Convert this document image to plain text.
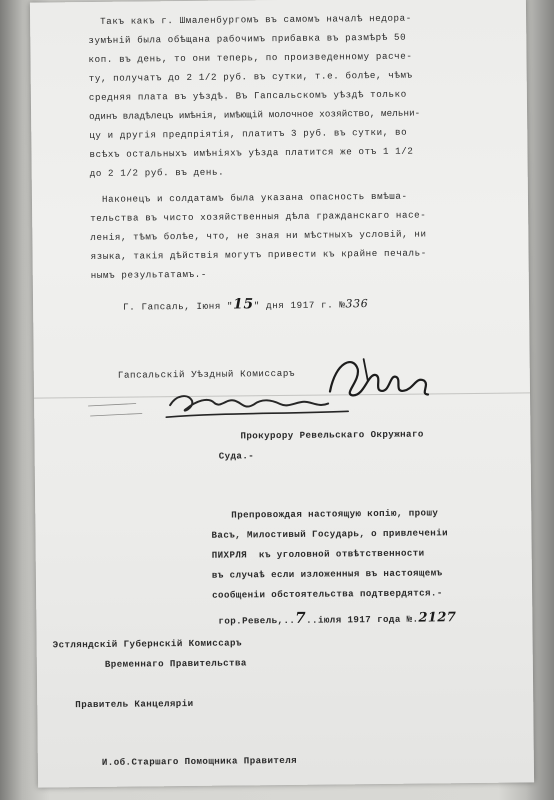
Такъ какъ г. Шмаленбургомъ въ самомъ началѣ недора-
зумѣнiй была обѣщана рабочимъ прибавка въ размѣрѣ 50
коп. въ день, то они теперь, по произведенному расче-
ту, получатъ до 2 1/2 руб. въ сутки, т.е. болѣе, чѣмъ
средняя плата въ уѣздѣ. Въ Гапсальскомъ уѣздѣ только
одинъ владѣлецъ имѣнiя, имѣющiй молочное хозяйство, мельни-
цу и другiя предпрiятiя, платитъ 3 руб. въ сутки, во
всѣхъ остальныхъ имѣнiяхъ уѣзда платится же отъ 1 1/2
до 2 1/2 руб. въ день.
Наконецъ и солдатамъ была указана опасность вмѣша-
тельства въ чисто хозяйственныя дѣла гражданскаго насе-
ленiя, тѣмъ болѣе, что, не зная ни мѣстныхъ условiй, ни
языка, такiя дѣйствiя могутъ привести къ крайне печаль-
нымъ результатамъ.-
Г. Гапсаль, Iюня "15" дня 1917 г. №336
Гапсальскiй Уѣздный Комиссаръ
Прокурору Ревельскаго Окружнаго
Суда.-
Препровождая настоящую копiю, прошу
Васъ, Милостивый Государь, о привлеченiи
ПИХРЛЯ  къ уголовной отвѣтственности
въ случаѣ если изложенныя въ настоящемъ
сообщенiи обстоятельства подтвердятся.-
гор.Ревель,..7..iюля 1917 года №.2127
Эстляндскiй Губернскiй Комиссаръ
Временнаго Правительства
Правитель Канцелярiи
И.об.Старшаго Помощника Правителя
